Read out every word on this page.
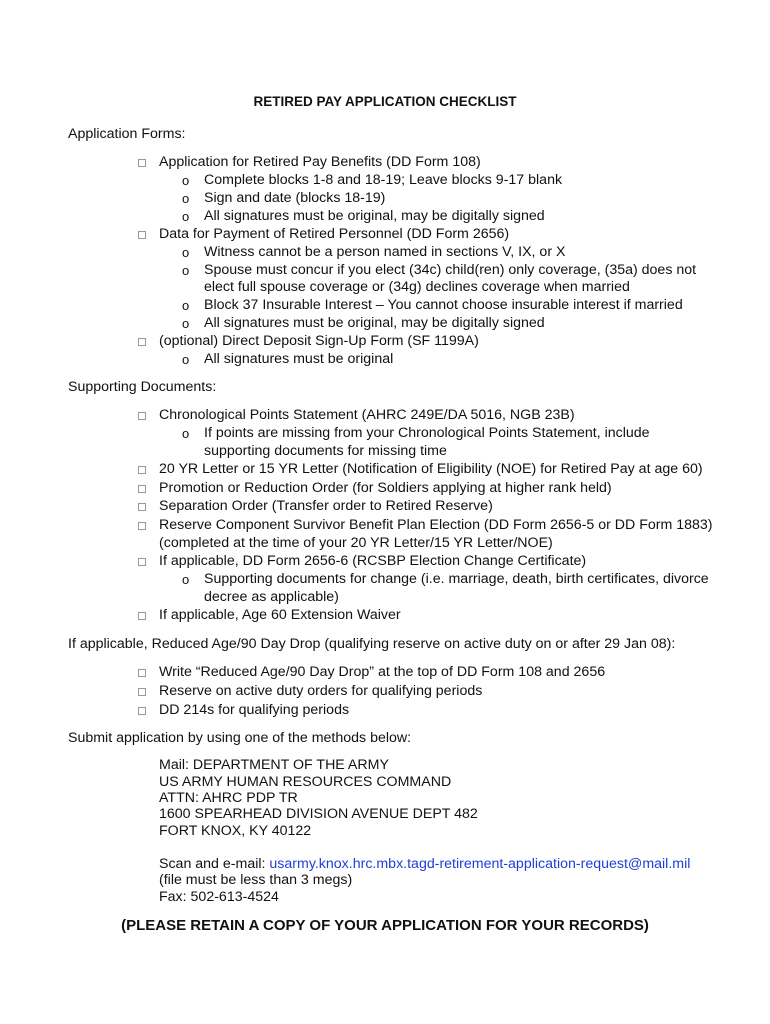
RETIRED PAY APPLICATION CHECKLIST
Application Forms:
Application for Retired Pay Benefits (DD Form 108)
o Complete blocks 1-8 and 18-19; Leave blocks 9-17 blank
o Sign and date (blocks 18-19)
o All signatures must be original, may be digitally signed
Data for Payment of Retired Personnel (DD Form 2656)
o Witness cannot be a person named in sections V, IX, or X
o Spouse must concur if you elect (34c) child(ren) only coverage, (35a) does not
elect full spouse coverage or (34g) declines coverage when married
o Block 37 Insurable Interest – You cannot choose insurable interest if married
o All signatures must be original, may be digitally signed
(optional) Direct Deposit Sign-Up Form (SF 1199A)
o All signatures must be original
Supporting Documents:
Chronological Points Statement (AHRC 249E/DA 5016, NGB 23B)
o If points are missing from your Chronological Points Statement, include
supporting documents for missing time
20 YR Letter or 15 YR Letter (Notification of Eligibility (NOE) for Retired Pay at age 60)
Promotion or Reduction Order (for Soldiers applying at higher rank held)
Separation Order (Transfer order to Retired Reserve)
Reserve Component Survivor Benefit Plan Election (DD Form 2656-5 or DD Form 1883)
(completed at the time of your 20 YR Letter/15 YR Letter/NOE)
If applicable, DD Form 2656-6 (RCSBP Election Change Certificate)
o Supporting documents for change (i.e. marriage, death, birth certificates, divorce
decree as applicable)
If applicable, Age 60 Extension Waiver
If applicable, Reduced Age/90 Day Drop (qualifying reserve on active duty on or after 29 Jan 08):
Write “Reduced Age/90 Day Drop” at the top of DD Form 108 and 2656
Reserve on active duty orders for qualifying periods
DD 214s for qualifying periods
Submit application by using one of the methods below:
Mail: DEPARTMENT OF THE ARMY
US ARMY HUMAN RESOURCES COMMAND
ATTN: AHRC PDP TR
1600 SPEARHEAD DIVISION AVENUE DEPT 482
FORT KNOX, KY 40122
Scan and e-mail: usarmy.knox.hrc.mbx.tagd-retirement-application-request@mail.mil
(file must be less than 3 megs)
Fax: 502-613-4524
(PLEASE RETAIN A COPY OF YOUR APPLICATION FOR YOUR RECORDS)
